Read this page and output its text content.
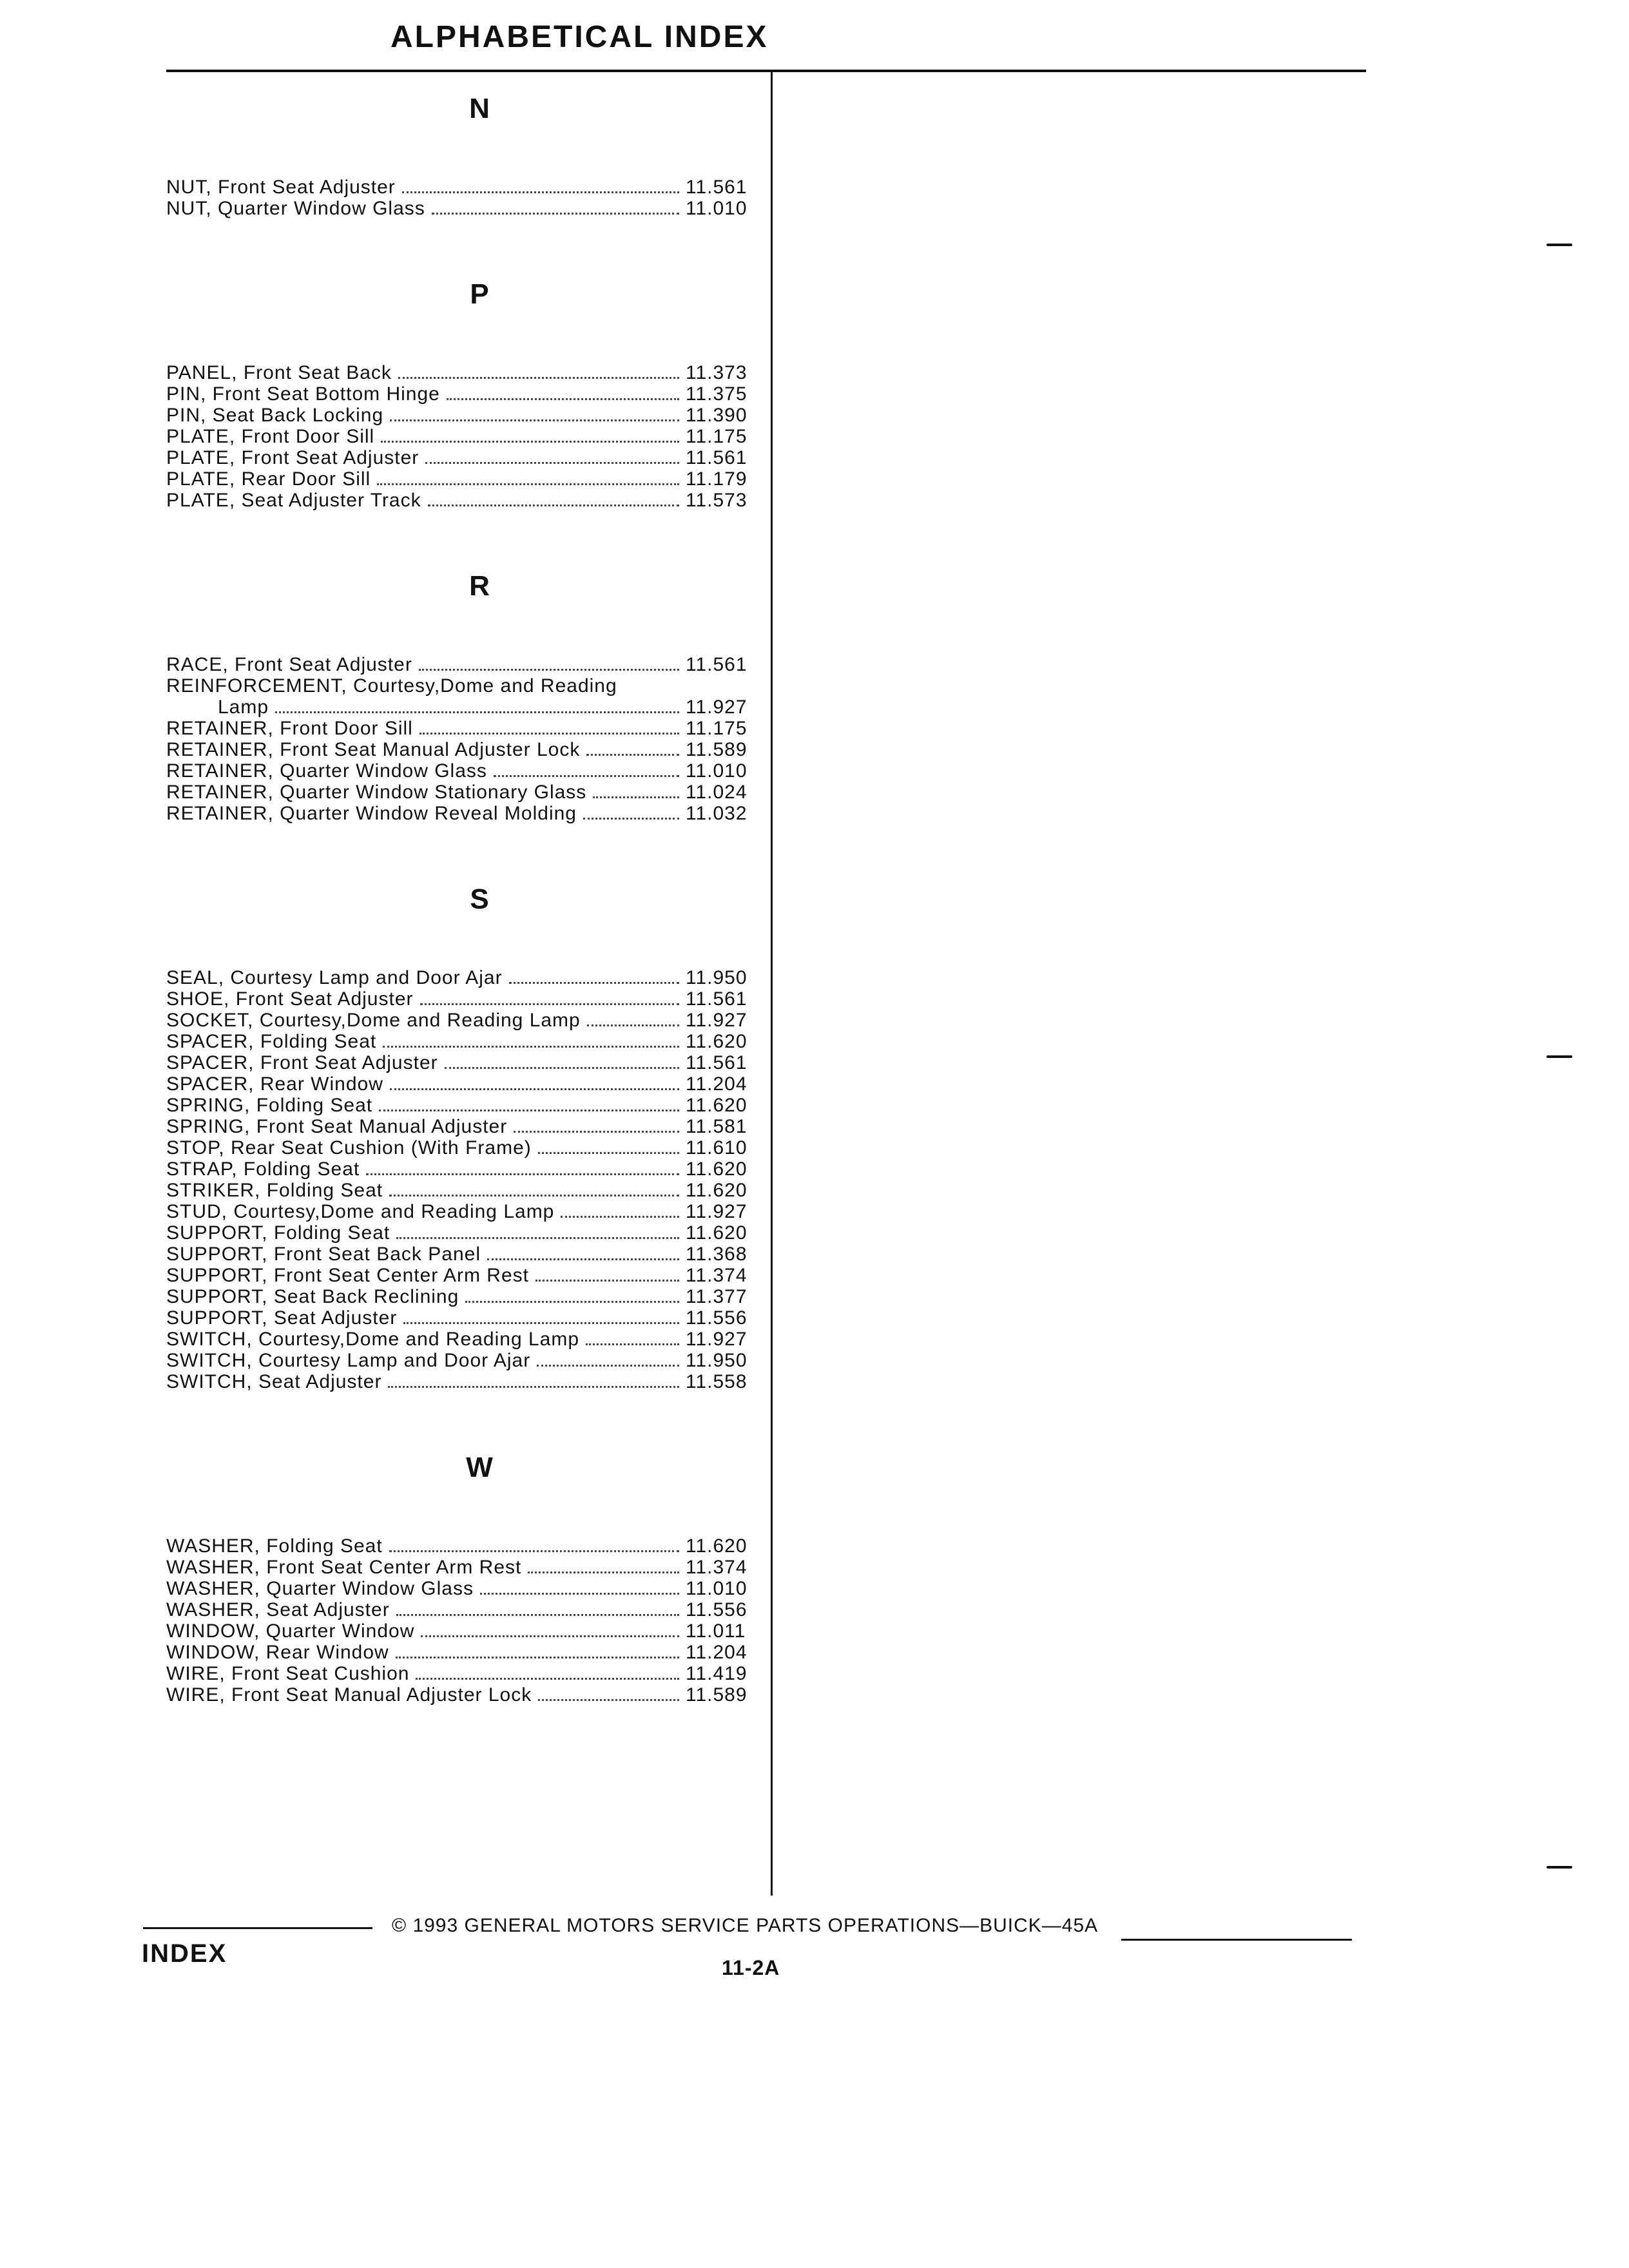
ALPHABETICAL INDEX
N
NUT, Front Seat Adjuster	11.561
NUT, Quarter Window Glass	11.010
P
PANEL, Front Seat Back	11.373
PIN, Front Seat Bottom Hinge	11.375
PIN, Seat Back Locking	11.390
PLATE, Front Door Sill	11.175
PLATE, Front Seat Adjuster	11.561
PLATE, Rear Door Sill	11.179
PLATE, Seat Adjuster Track	11.573
R
RACE, Front Seat Adjuster	11.561
REINFORCEMENT, Courtesy,Dome and Reading
Lamp	11.927
RETAINER, Front Door Sill	11.175
RETAINER, Front Seat Manual Adjuster Lock	11.589
RETAINER, Quarter Window Glass	11.010
RETAINER, Quarter Window Stationary Glass	11.024
RETAINER, Quarter Window Reveal Molding	11.032
S
SEAL, Courtesy Lamp and Door Ajar	11.950
SHOE, Front Seat Adjuster	11.561
SOCKET, Courtesy,Dome and Reading Lamp	11.927
SPACER, Folding Seat	11.620
SPACER, Front Seat Adjuster	11.561
SPACER, Rear Window	11.204
SPRING, Folding Seat	11.620
SPRING, Front Seat Manual Adjuster	11.581
STOP, Rear Seat Cushion (With Frame)	11.610
STRAP, Folding Seat	11.620
STRIKER, Folding Seat	11.620
STUD, Courtesy,Dome and Reading Lamp	11.927
SUPPORT, Folding Seat	11.620
SUPPORT, Front Seat Back Panel	11.368
SUPPORT, Front Seat Center Arm Rest	11.374
SUPPORT, Seat Back Reclining	11.377
SUPPORT, Seat Adjuster	11.556
SWITCH, Courtesy,Dome and Reading Lamp	11.927
SWITCH, Courtesy Lamp and Door Ajar	11.950
SWITCH, Seat Adjuster	11.558
W
WASHER, Folding Seat	11.620
WASHER, Front Seat Center Arm Rest	11.374
WASHER, Quarter Window Glass	11.010
WASHER, Seat Adjuster	11.556
WINDOW, Quarter Window	11.011
WINDOW, Rear Window	11.204
WIRE, Front Seat Cushion	11.419
WIRE, Front Seat Manual Adjuster Lock	11.589
© 1993 GENERAL MOTORS SERVICE PARTS OPERATIONS—BUICK—45A
INDEX	11-2A
